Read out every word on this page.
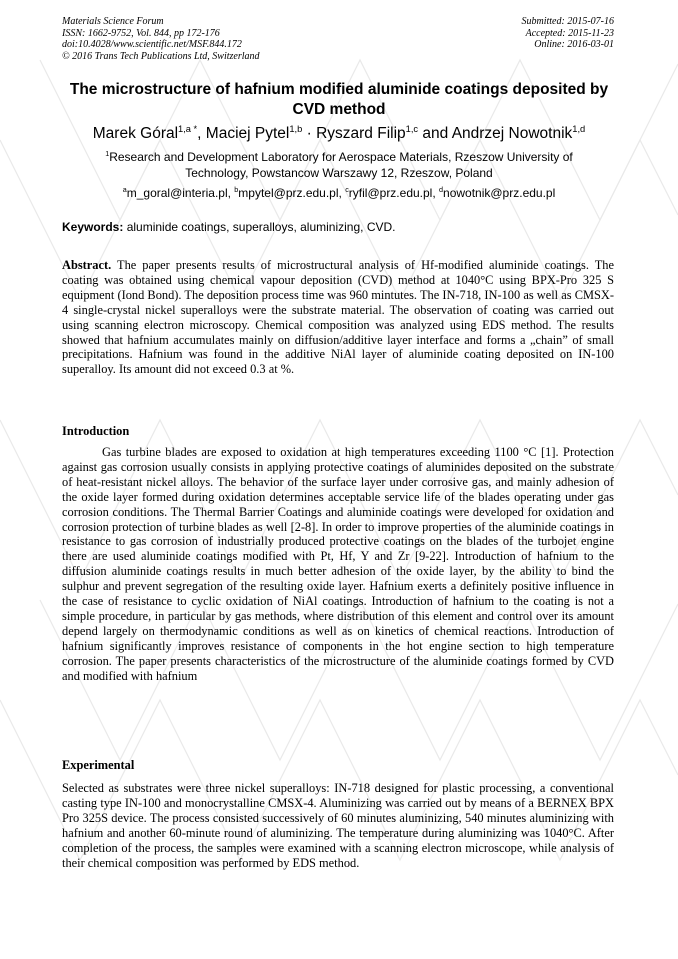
Materials Science Forum
ISSN: 1662-9752, Vol. 844, pp 172-176
doi:10.4028/www.scientific.net/MSF.844.172
© 2016 Trans Tech Publications Ltd, Switzerland
Submitted: 2015-07-16
Accepted: 2015-11-23
Online: 2016-03-01
The microstructure of hafnium modified aluminide coatings deposited by CVD method

Marek Góral$^{1,a *}$, Maciej Pytel$^{1,b}$ · Ryszard Filip$^{1,c}$ and Andrzej Nowotnik$^{1,d}$

$^1$Research and Development Laboratory for Aerospace Materials, Rzeszow University of Technology, Powstancow Warszawy 12, Rzeszow, Poland

$^a$m_goral@interia.pl, $^b$mpytel@prz.edu.pl, $^c$ryfil@prz.edu.pl, $^d$nowotnik@prz.edu.pl

Keywords: aluminide coatings, superalloys, aluminizing, CVD.

Abstract. The paper presents results of microstructural analysis of Hf-modified aluminide coatings. The coating was obtained using chemical vapour deposition (CVD) method at 1040°C using BPX-Pro 325 S equipment (Iond Bond). The deposition process time was 960 mintutes. The IN-718, IN-100 as well as CMSX-4 single-crystal nickel superalloys were the substrate material. The observation of coating was carried out using scanning electron microscopy. Chemical composition was analyzed using EDS method. The results showed that hafnium accumulates mainly on diffusion/additive layer interface and forms a „chain” of small precipitations. Hafnium was found in the additive NiAl layer of aluminide coating deposited on IN-100 superalloy. Its amount did not exceed 0.3 at %.

Introduction

Gas turbine blades are exposed to oxidation at high temperatures exceeding 1100 °C [1]. Protection against gas corrosion usually consists in applying protective coatings of aluminides deposited on the substrate of heat-resistant nickel alloys. The behavior of the surface layer under corrosive gas, and mainly adhesion of the oxide layer formed during oxidation determines acceptable service life of the blades operating under gas corrosion conditions. The Thermal Barrier Coatings and aluminide coatings were developed for oxidation and corrosion protection of turbine blades as well [2-8]. In order to improve properties of the aluminide coatings in resistance to gas corrosion of industrially produced protective coatings on the blades of the turbojet engine there are used aluminide coatings modified with Pt, Hf, Y and Zr [9-22]. Introduction of hafnium to the diffusion aluminide coatings results in much better adhesion of the oxide layer, by the ability to bind the sulphur and prevent segregation of the resulting oxide layer. Hafnium exerts a definitely positive influence in the case of resistance to cyclic oxidation of NiAl coatings. Introduction of hafnium to the coating is not a simple procedure, in particular by gas methods, where distribution of this element and control over its amount depend largely on thermodynamic conditions as well as on kinetics of chemical reactions. Introduction of hafnium significantly improves resistance of components in the hot engine section to high temperature corrosion. The paper presents characteristics of the microstructure of the aluminide coatings formed by CVD and modified with hafnium

Experimental

Selected as substrates were three nickel superalloys: IN-718 designed for plastic processing, a conventional casting type IN-100 and monocrystalline CMSX-4. Aluminizing was carried out by means of a BERNEX BPX Pro 325S device. The process consisted successively of 60 minutes aluminizing, 540 minutes aluminizing with hafnium and another 60-minute round of aluminizing. The temperature during aluminizing was 1040°C. After completion of the process, the samples were examined with a scanning electron microscope, while analysis of their chemical composition was performed by EDS method.
